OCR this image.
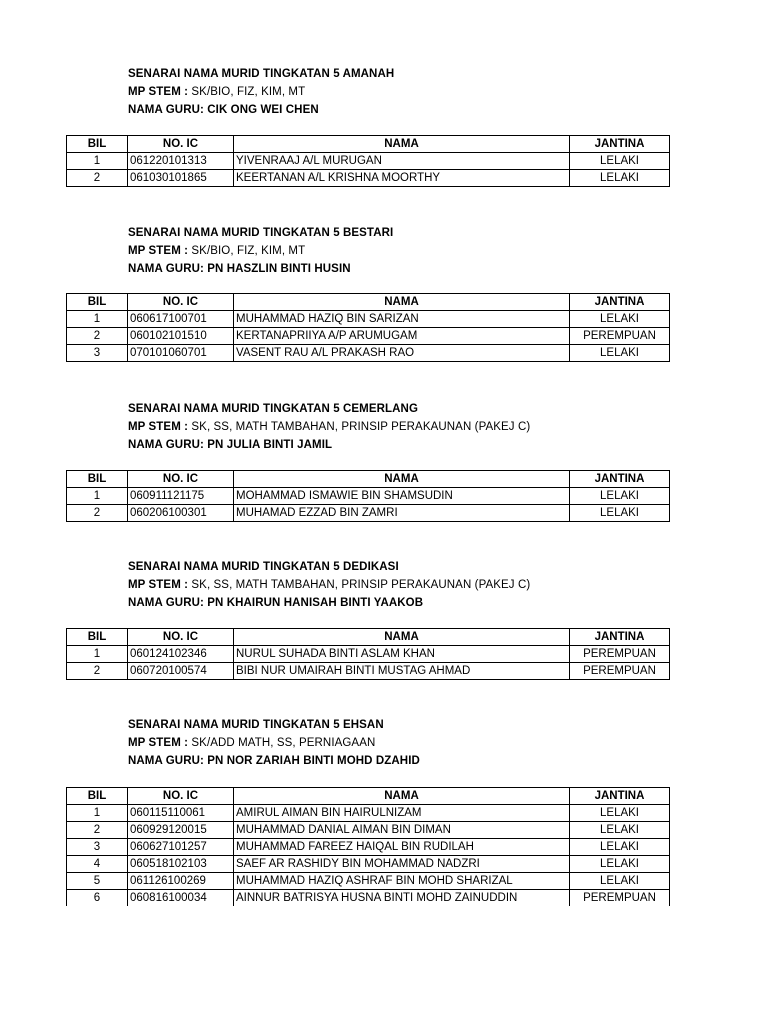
SENARAI NAMA MURID TINGKATAN 5 AMANAH
MP STEM : SK/BIO, FIZ, KIM, MT
NAMA GURU: CIK ONG WEI CHEN
BIL	NO. IC	NAMA	JANTINA
1	061220101313	YIVENRAAJ A/L MURUGAN	LELAKI
2	061030101865	KEERTANAN A/L KRISHNA MOORTHY	LELAKI
SENARAI NAMA MURID TINGKATAN 5 BESTARI
MP STEM : SK/BIO, FIZ, KIM, MT
NAMA GURU: PN HASZLIN BINTI HUSIN
BIL	NO. IC	NAMA	JANTINA
1	060617100701	MUHAMMAD HAZIQ BIN SARIZAN	LELAKI
2	060102101510	KERTANAPRIIYA A/P ARUMUGAM	PEREMPUAN
3	070101060701	VASENT RAU A/L PRAKASH RAO	LELAKI
SENARAI NAMA MURID TINGKATAN 5 CEMERLANG
MP STEM : SK, SS, MATH TAMBAHAN, PRINSIP PERAKAUNAN (PAKEJ C)
NAMA GURU: PN JULIA BINTI JAMIL
BIL	NO. IC	NAMA	JANTINA
1	060911121175	MOHAMMAD ISMAWIE BIN SHAMSUDIN	LELAKI
2	060206100301	MUHAMAD EZZAD BIN ZAMRI	LELAKI
SENARAI NAMA MURID TINGKATAN 5 DEDIKASI
MP STEM : SK, SS, MATH TAMBAHAN, PRINSIP PERAKAUNAN (PAKEJ C)
NAMA GURU: PN KHAIRUN HANISAH BINTI YAAKOB
BIL	NO. IC	NAMA	JANTINA
1	060124102346	NURUL SUHADA BINTI ASLAM KHAN	PEREMPUAN
2	060720100574	BIBI NUR UMAIRAH BINTI MUSTAG AHMAD	PEREMPUAN
SENARAI NAMA MURID TINGKATAN 5 EHSAN
MP STEM : SK/ADD MATH, SS, PERNIAGAAN
NAMA GURU: PN NOR ZARIAH BINTI MOHD DZAHID
BIL	NO. IC	NAMA	JANTINA
1	060115110061	AMIRUL AIMAN BIN HAIRULNIZAM	LELAKI
2	060929120015	MUHAMMAD DANIAL AIMAN BIN DIMAN	LELAKI
3	060627101257	MUHAMMAD FAREEZ HAIQAL BIN RUDILAH	LELAKI
4	060518102103	SAEF AR RASHIDY BIN MOHAMMAD NADZRI	LELAKI
5	061126100269	MUHAMMAD HAZIQ ASHRAF BIN MOHD SHARIZAL	LELAKI
6	060816100034	AINNUR BATRISYA HUSNA BINTI MOHD ZAINUDDIN	PEREMPUAN
